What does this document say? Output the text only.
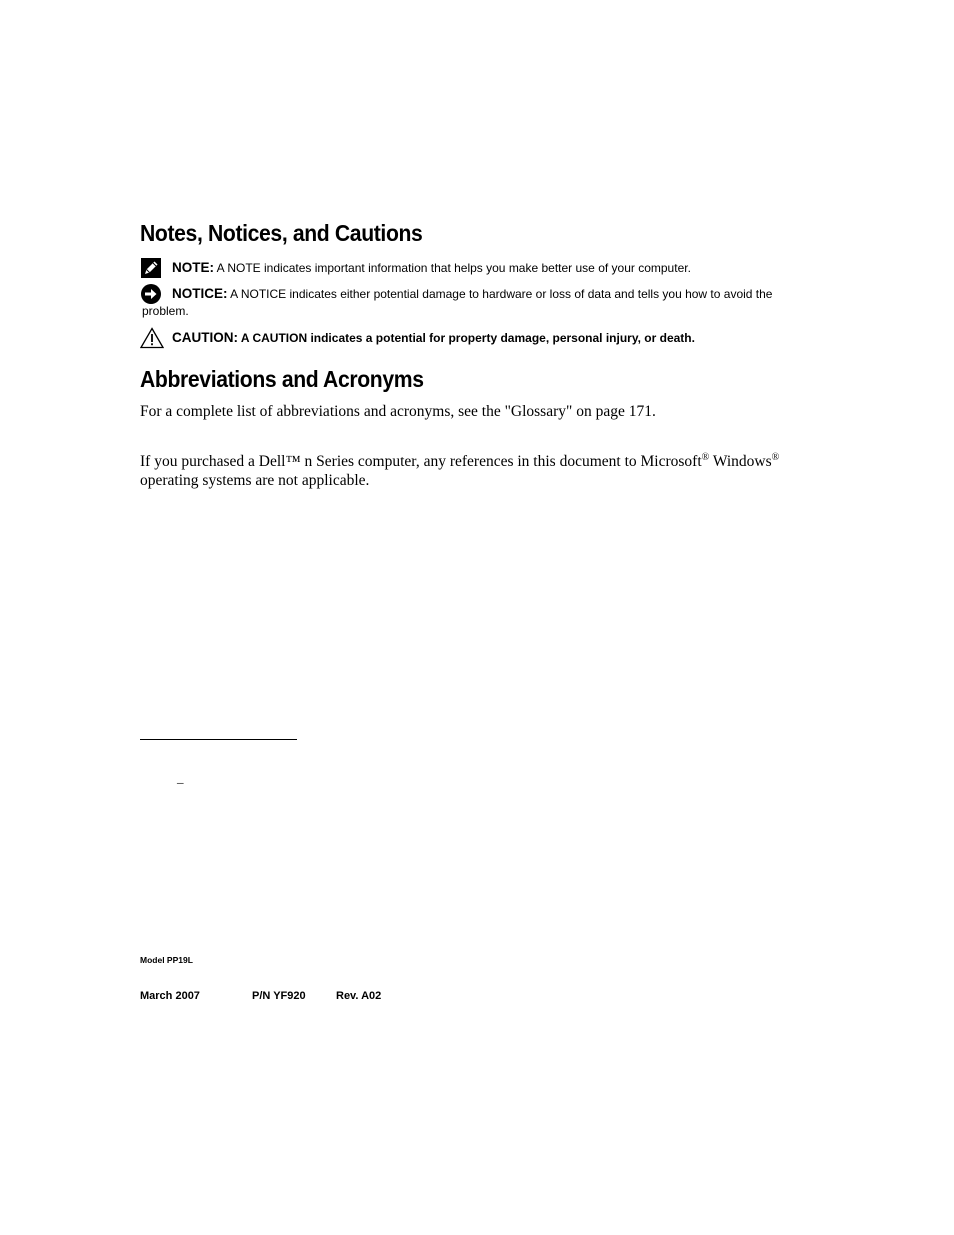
Notes, Notices, and Cautions
NOTE: A NOTE indicates important information that helps you make better use of your computer.
NOTICE: A NOTICE indicates either potential damage to hardware or loss of data and tells you how to avoid the
problem.
CAUTION: A CAUTION indicates a potential for property damage, personal injury, or death.
Abbreviations and Acronyms

For a complete list of abbreviations and acronyms, see the "Glossary" on page 171.

If you purchased a Dell™ n Series computer, any references in this document to Microsoft® Windows®
operating systems are not applicable.

_
Model PP19L
March 2007	P/N YF920	Rev. A02
